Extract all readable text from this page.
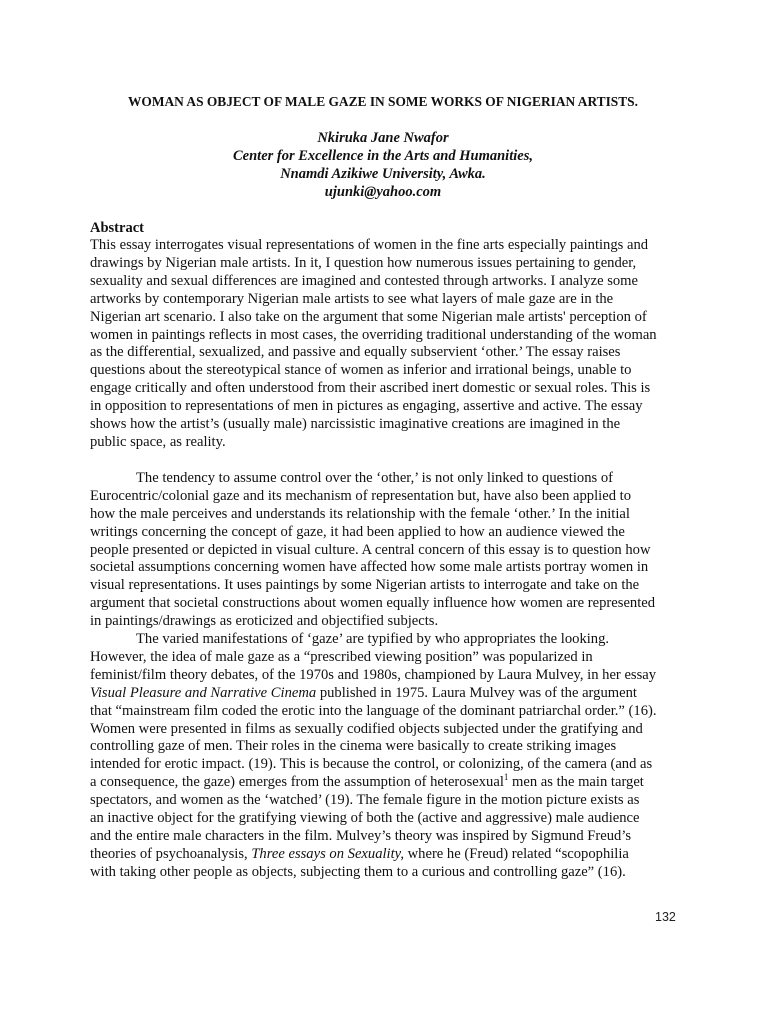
WOMAN AS OBJECT OF MALE GAZE IN SOME WORKS OF NIGERIAN ARTISTS.

Nkiruka Jane Nwafor
Center for Excellence in the Arts and Humanities,
Nnamdi Azikiwe University, Awka.
ujunki@yahoo.com
Abstract
This essay interrogates visual representations of women in the fine arts especially paintings and
drawings by Nigerian male artists. In it, I question how numerous issues pertaining to gender,
sexuality and sexual differences are imagined and contested through artworks. I analyze some
artworks by contemporary Nigerian male artists to see what layers of male gaze are in the
Nigerian art scenario. I also take on the argument that some Nigerian male artists' perception of
women in paintings reflects in most cases, the overriding traditional understanding of the woman
as the differential, sexualized, and passive and equally subservient ‘other.’ The essay raises
questions about the stereotypical stance of women as inferior and irrational beings, unable to
engage critically and often understood from their ascribed inert domestic or sexual roles. This is
in opposition to representations of men in pictures as engaging, assertive and active. The essay
shows how the artist’s (usually male) narcissistic imaginative creations are imagined in the
public space, as reality.
The tendency to assume control over the ‘other,’ is not only linked to questions of
Eurocentric/colonial gaze and its mechanism of representation but, have also been applied to
how the male perceives and understands its relationship with the female ‘other.’ In the initial
writings concerning the concept of gaze, it had been applied to how an audience viewed the
people presented or depicted in visual culture. A central concern of this essay is to question how
societal assumptions concerning women have affected how some male artists portray women in
visual representations. It uses paintings by some Nigerian artists to interrogate and take on the
argument that societal constructions about women equally influence how women are represented
in paintings/drawings as eroticized and objectified subjects.
The varied manifestations of ‘gaze’ are typified by who appropriates the looking.
However, the idea of male gaze as a “prescribed viewing position” was popularized in
feminist/film theory debates, of the 1970s and 1980s, championed by Laura Mulvey, in her essay
Visual Pleasure and Narrative Cinema published in 1975. Laura Mulvey was of the argument
that “mainstream film coded the erotic into the language of the dominant patriarchal order.” (16).
Women were presented in films as sexually codified objects subjected under the gratifying and
controlling gaze of men. Their roles in the cinema were basically to create striking images
intended for erotic impact. (19). This is because the control, or colonizing, of the camera (and as
a consequence, the gaze) emerges from the assumption of heterosexual$^1$ men as the main target
spectators, and women as the ‘watched’ (19). The female figure in the motion picture exists as
an inactive object for the gratifying viewing of both the (active and aggressive) male audience
and the entire male characters in the film. Mulvey’s theory was inspired by Sigmund Freud’s
theories of psychoanalysis, Three essays on Sexuality, where he (Freud) related “scopophilia
with taking other people as objects, subjecting them to a curious and controlling gaze” (16).
132
